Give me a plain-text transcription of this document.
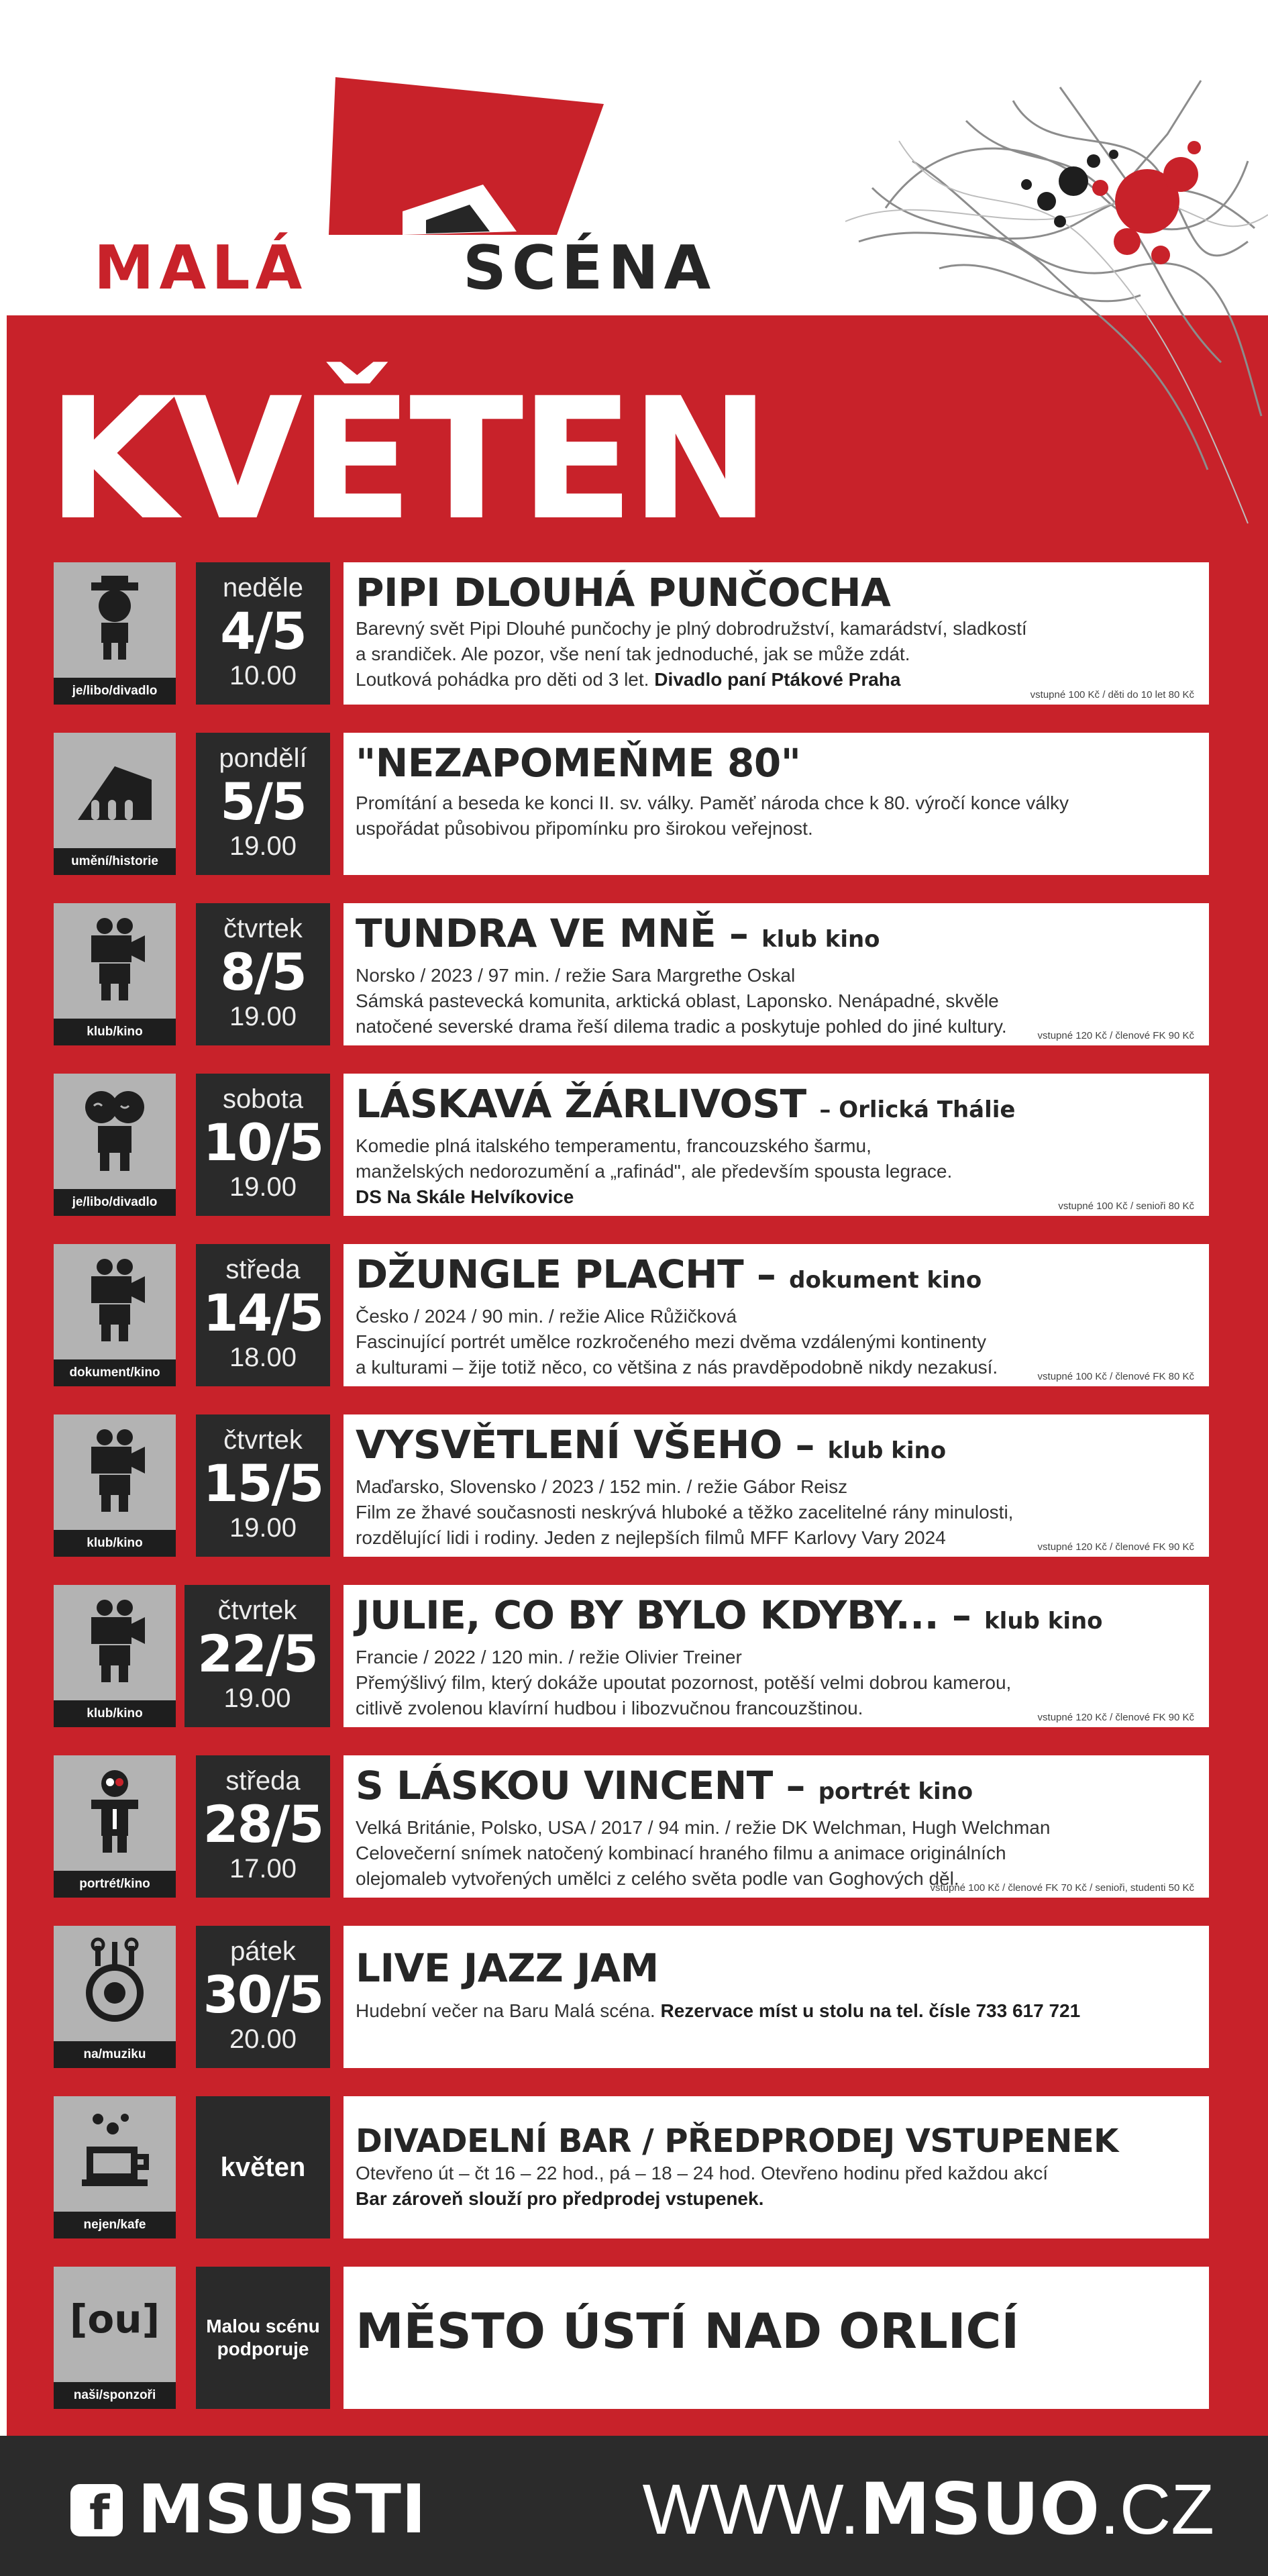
MALÁ	SCÉNA
KVĚTEN
je/libo/divadlo
neděle
4/5
10.00
PIPI DLOUHÁ PUNČOCHA
Barevný svět Pipi Dlouhé punčochy je plný dobrodružství, kamarádství, sladkostí
a srandiček. Ale pozor, vše není tak jednoduché, jak se může zdát.
Loutková pohádka pro děti od 3 let. Divadlo paní Ptákové Praha
vstupné 100 Kč / děti do 10 let 80 Kč
umění/historie
pondělí
5/5
19.00
"NEZAPOMEŇME 80"
Promítání a beseda ke konci II. sv. války. Paměť národa chce k 80. výročí konce války
uspořádat působivou připomínku pro širokou veřejnost.
klub/kino
čtvrtek
8/5
19.00
TUNDRA VE MNĚ – klub kino
Norsko / 2023 / 97 min. / režie Sara Margrethe Oskal
Sámská pastevecká komunita, arktická oblast, Laponsko. Nenápadné, skvěle
natočené severské drama řeší dilema tradic a poskytuje pohled do jiné kultury.	vstupné 120 Kč / členové FK 90 Kč
je/libo/divadlo
sobota
10/5
19.00
LÁSKAVÁ ŽÁRLIVOST – Orlická Thálie
Komedie plná italského temperamentu, francouzského šarmu,
manželských nedorozumění a „rafinád", ale především spousta legrace.
DS Na Skále Helvíkovice	vstupné 100 Kč / senioři 80 Kč
dokument/kino
středa
14/5
18.00
DŽUNGLE PLACHT – dokument kino
Česko / 2024 / 90 min. / režie Alice Růžičková
Fascinující portrét umělce rozkročeného mezi dvěma vzdálenými kontinenty
a kulturami – žije totiž něco, co většina z nás pravděpodobně nikdy nezakusí.	vstupné 100 Kč / členové FK 80 Kč
klub/kino
čtvrtek
15/5
19.00
VYSVĚTLENÍ VŠEHO – klub kino
Maďarsko, Slovensko / 2023 / 152 min. / režie Gábor Reisz
Film ze žhavé současnosti neskrývá hluboké a těžko zacelitelné rány minulosti,
rozdělující lidi i rodiny. Jeden z nejlepších filmů MFF Karlovy Vary 2024	vstupné 120 Kč / členové FK 90 Kč
klub/kino
čtvrtek
22/5
19.00
JULIE, CO BY BYLO KDYBY... – klub kino
Francie / 2022 / 120 min. / režie Olivier Treiner
Přemýšlivý film, který dokáže upoutat pozornost, potěší velmi dobrou kamerou,
citlivě zvolenou klavírní hudbou i libozvučnou francouzštinou.	vstupné 120 Kč / členové FK 90 Kč
portrét/kino
středa
28/5
17.00
S LÁSKOU VINCENT – portrét kino
Velká Británie, Polsko, USA / 2017 / 94 min. / režie DK Welchman, Hugh Welchman
Celovečerní snímek natočený kombinací hraného filmu a animace originálních
olejomaleb vytvořených umělci z celého světa podle van Goghových děl.
vstupné 100 Kč / členové FK 70 Kč / senioři, studenti 50 Kč
na/muziku
pátek
30/5
20.00
LIVE JAZZ JAM
Hudební večer na Baru Malá scéna. Rezervace míst u stolu na tel. čísle 733 617 721
nejen/kafe
květen
DIVADELNÍ BAR / PŘEDPRODEJ VSTUPENEK
Otevřeno út – čt 16 – 22 hod., pá – 18 – 24 hod. Otevřeno hodinu před každou akcí
Bar zároveň slouží pro předprodej vstupenek.
[ou]
naši/sponzoři
Malou scénu
podporuje MĚSTO ÚSTÍ NAD ORLICÍ
f MSUSTI	WWW.MSUO.CZ
